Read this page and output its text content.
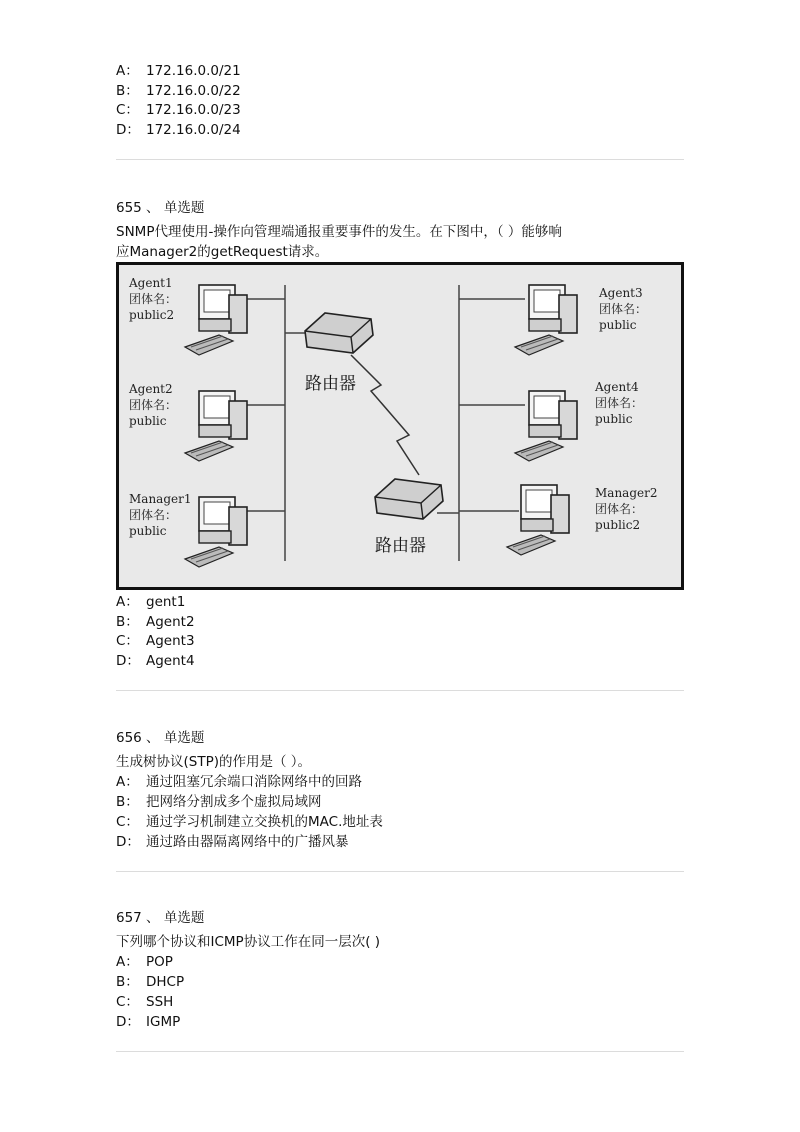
A： 172.16.0.0/21
B： 172.16.0.0/22
C： 172.16.0.0/23
D： 172.16.0.0/24
655 、 单选题
SNMP代理使用-操作向管理端通报重要事件的发生。在下图中，（ ）能够响
应Manager2的getRequest请求。
路由器
路由器
Agent1
团体名：
public2
Agent2
团体名：
public
Manager1
团体名：
public
Agent3
团体名：
public
Agent4
团体名：
public
Manager2
团体名：
public2
A： gent1
B： Agent2
C： Agent3
D： Agent4
656 、 单选题
生成树协议(STP)的作用是（ ）。
A： 通过阻塞冗余端口消除网络中的回路
B： 把网络分割成多个虚拟局域网
C： 通过学习机制建立交换机的MAC.地址表
D： 通过路由器隔离网络中的广播风暴
657 、 单选题
下列哪个协议和ICMP协议工作在同一层次( )
A： POP
B： DHCP
C： SSH
D： IGMP
